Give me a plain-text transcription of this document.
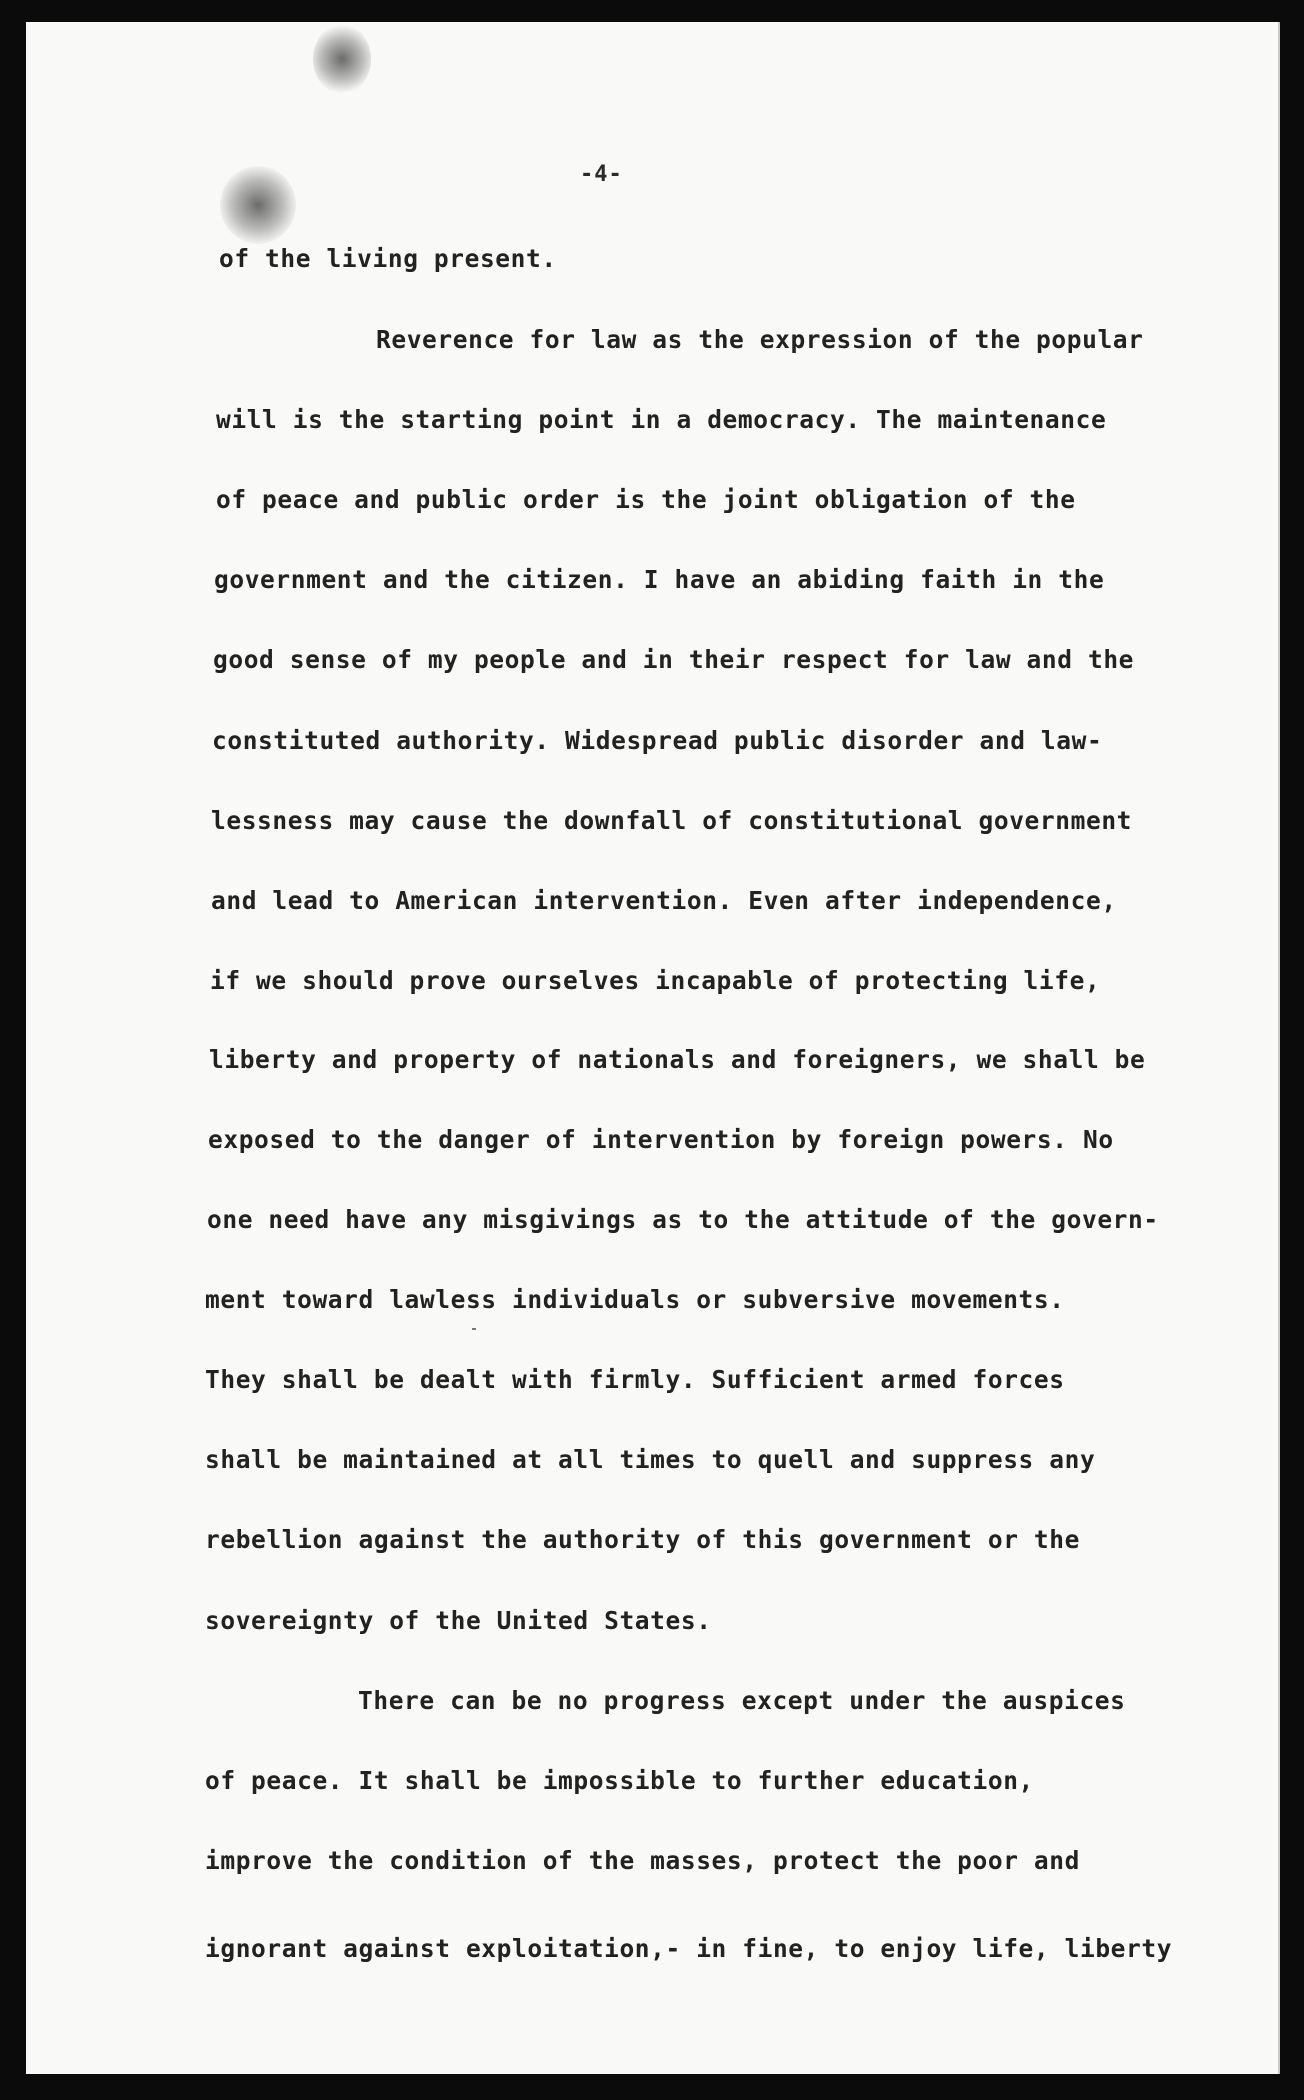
-4-
of the living present.
Reverence for law as the expression of the popular
will is the starting point in a democracy. The maintenance
of peace and public order is the joint obligation of the
government and the citizen. I have an abiding faith in the
good sense of my people and in their respect for law and the
constituted authority. Widespread public disorder and law-
lessness may cause the downfall of constitutional government
and lead to American intervention. Even after independence,
if we should prove ourselves incapable of protecting life,
liberty and property of nationals and foreigners, we shall be
exposed to the danger of intervention by foreign powers. No
one need have any misgivings as to the attitude of the govern-
ment toward lawless individuals or subversive movements.
They shall be dealt with firmly. Sufficient armed forces
shall be maintained at all times to quell and suppress any
rebellion against the authority of this government or the
sovereignty of the United States.
There can be no progress except under the auspices
of peace. It shall be impossible to further education,
improve the condition of the masses, protect the poor and
ignorant against exploitation,- in fine, to enjoy life, liberty
